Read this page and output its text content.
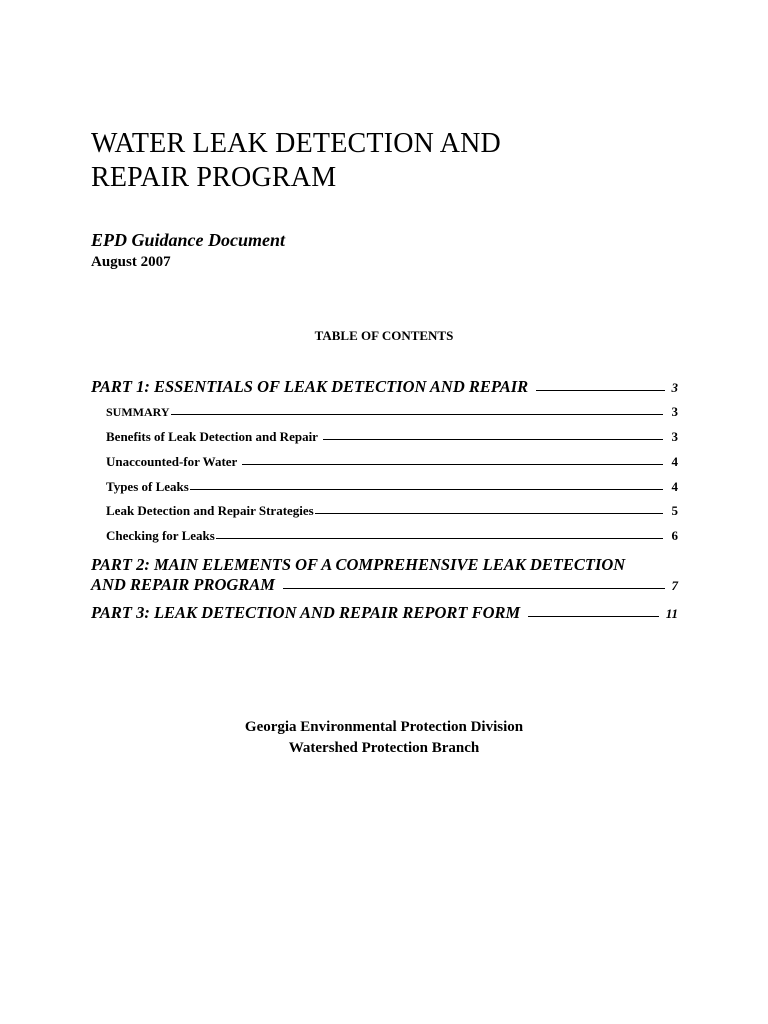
WATER LEAK DETECTION AND
REPAIR PROGRAM
EPD Guidance Document
August 2007
TABLE OF CONTENTS
PART 1: ESSENTIALS OF LEAK DETECTION AND REPAIR	3
SUMMARY	3
Benefits of Leak Detection and Repair	3
Unaccounted-for Water	4
Types of Leaks	4
Leak Detection and Repair Strategies	5
Checking for Leaks	6
PART 2: MAIN ELEMENTS OF A COMPREHENSIVE LEAK DETECTION
AND REPAIR PROGRAM	7
PART 3: LEAK DETECTION AND REPAIR REPORT FORM	11
Georgia Environmental Protection Division
Watershed Protection Branch
